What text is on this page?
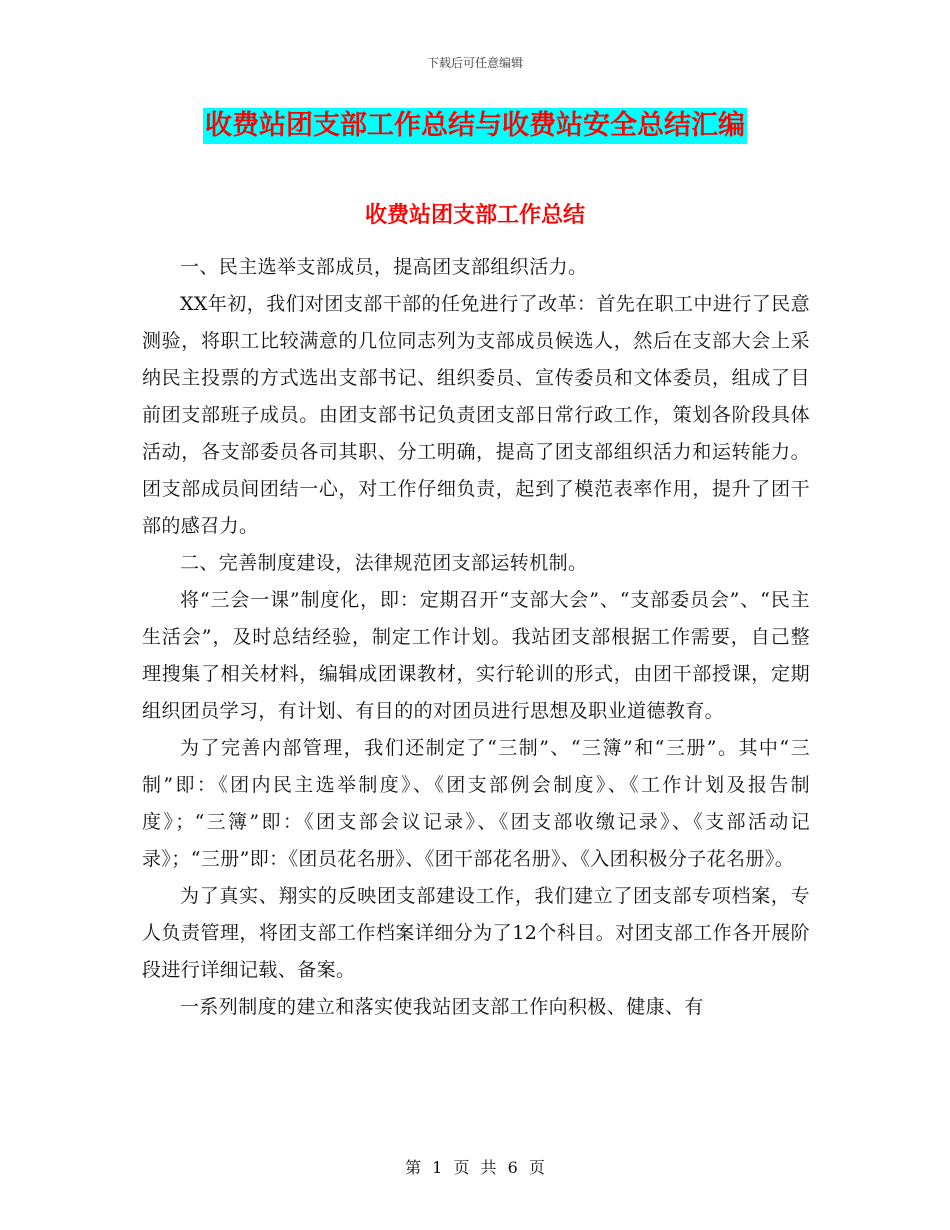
下载后可任意编辑
收费站团支部工作总结与收费站安全总结汇编
收费站团支部工作总结

一、民主选举支部成员，提高团支部组织活力。

XX年初，我们对团支部干部的任免进行了改革：首先在职工中进行了民意测验，将职工比较满意的几位同志列为支部成员候选人，然后在支部大会上采纳民主投票的方式选出支部书记、组织委员、宣传委员和文体委员，组成了目前团支部班子成员。由团支部书记负责团支部日常行政工作，策划各阶段具体活动，各支部委员各司其职、分工明确，提高了团支部组织活力和运转能力。团支部成员间团结一心，对工作仔细负责，起到了模范表率作用，提升了团干部的感召力。

二、完善制度建设，法律规范团支部运转机制。

将“三会一课”制度化，即：定期召开“支部大会”、“支部委员会”、“民主生活会”，及时总结经验，制定工作计划。我站团支部根据工作需要，自己整理搜集了相关材料，编辑成团课教材，实行轮训的形式，由团干部授课，定期组织团员学习，有计划、有目的的对团员进行思想及职业道德教育。

为了完善内部管理，我们还制定了“三制”、“三簿”和“三册”。其中“三制”即：《团内民主选举制度》、《团支部例会制度》、《工作计划及报告制度》；“三簿”即：《团支部会议记录》、《团支部收缴记录》、《支部活动记录》；“三册”即：《团员花名册》、《团干部花名册》、《入团积极分子花名册》。

为了真实、翔实的反映团支部建设工作，我们建立了团支部专项档案，专人负责管理，将团支部工作档案详细分为了12个科目。对团支部工作各开展阶段进行详细记载、备案。

一系列制度的建立和落实使我站团支部工作向积极、健康、有

第 1 页 共 6 页
